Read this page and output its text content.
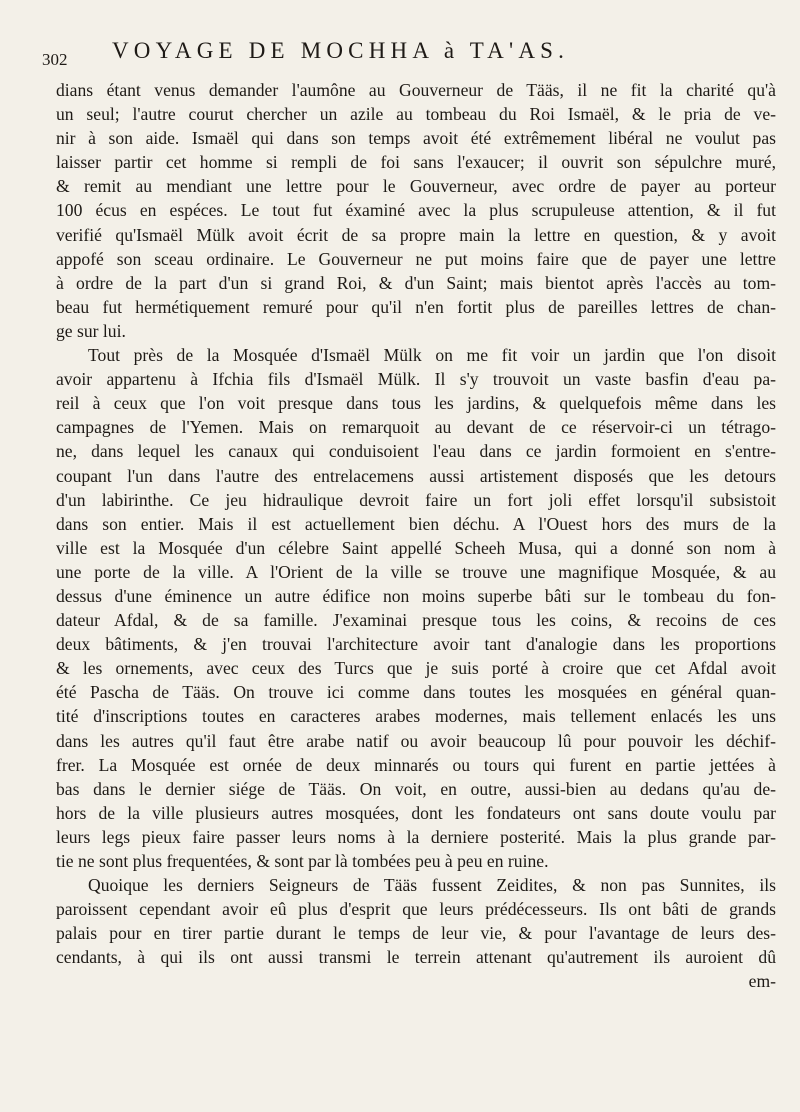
302 VOYAGE DE MOCHHA à TA'AS.
dians étant venus demander l'aumône au Gouverneur de Tääs, il ne fit la charité qu'à
un seul; l'autre courut chercher un azile au tombeau du Roi Ismaël, & le pria de ve-
nir à son aide. Ismaël qui dans son temps avoit été extrêmement libéral ne voulut pas
laisser partir cet homme si rempli de foi sans l'exaucer; il ouvrit son sépulchre muré,
& remit au mendiant une lettre pour le Gouverneur, avec ordre de payer au porteur
100 écus en espéces. Le tout fut éxaminé avec la plus scrupuleuse attention, & il fut
verifié qu'Ismaël Mülk avoit écrit de sa propre main la lettre en question, & y avoit
appofé son sceau ordinaire. Le Gouverneur ne put moins faire que de payer une lettre
à ordre de la part d'un si grand Roi, & d'un Saint; mais bientot après l'accès au tom-
beau fut hermétiquement remuré pour qu'il n'en fortit plus de pareilles lettres de chan-
ge sur lui.
Tout près de la Mosquée d'Ismaël Mülk on me fit voir un jardin que l'on disoit
avoir appartenu à Ifchia fils d'Ismaël Mülk. Il s'y trouvoit un vaste basfin d'eau pa-
reil à ceux que l'on voit presque dans tous les jardins, & quelquefois même dans les
campagnes de l'Yemen. Mais on remarquoit au devant de ce réservoir-ci un tétrago-
ne, dans lequel les canaux qui conduisoient l'eau dans ce jardin formoient en s'entre-
coupant l'un dans l'autre des entrelacemens aussi artistement disposés que les detours
d'un labirinthe. Ce jeu hidraulique devroit faire un fort joli effet lorsqu'il subsistoit
dans son entier. Mais il est actuellement bien déchu. A l'Ouest hors des murs de la
ville est la Mosquée d'un célebre Saint appellé Scheeh Musa, qui a donné son nom à
une porte de la ville. A l'Orient de la ville se trouve une magnifique Mosquée, & au
dessus d'une éminence un autre édifice non moins superbe bâti sur le tombeau du fon-
dateur Afdal, & de sa famille. J'examinai presque tous les coins, & recoins de ces
deux bâtiments, & j'en trouvai l'architecture avoir tant d'analogie dans les proportions
& les ornements, avec ceux des Turcs que je suis porté à croire que cet Afdal avoit
été Pascha de Tääs. On trouve ici comme dans toutes les mosquées en général quan-
tité d'inscriptions toutes en caracteres arabes modernes, mais tellement enlacés les uns
dans les autres qu'il faut être arabe natif ou avoir beaucoup lû pour pouvoir les déchif-
frer. La Mosquée est ornée de deux minnarés ou tours qui furent en partie jettées à
bas dans le dernier siége de Tääs. On voit, en outre, aussi-bien au dedans qu'au de-
hors de la ville plusieurs autres mosquées, dont les fondateurs ont sans doute voulu par
leurs legs pieux faire passer leurs noms à la derniere posterité. Mais la plus grande par-
tie ne sont plus frequentées, & sont par là tombées peu à peu en ruine.
Quoique les derniers Seigneurs de Tääs fussent Zeidites, & non pas Sunnites, ils
paroissent cependant avoir eû plus d'esprit que leurs prédécesseurs. Ils ont bâti de grands
palais pour en tirer partie durant le temps de leur vie, & pour l'avantage de leurs des-
cendants, à qui ils ont aussi transmi le terrein attenant qu'autrement ils auroient dû
em-
